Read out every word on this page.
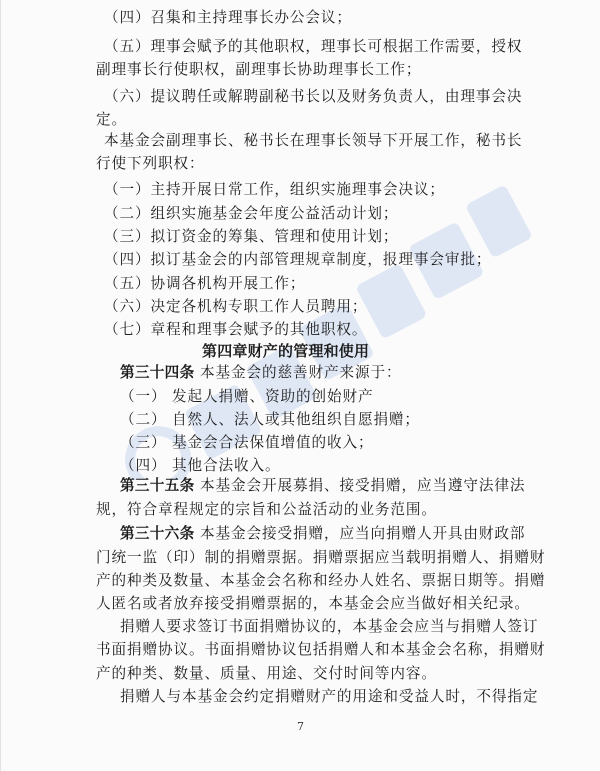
（四）召集和主持理事长办公会议；
（五）理事会赋予的其他职权，理事长可根据工作需要，授权
副理事长行使职权，副理事长协助理事长工作；
（六）提议聘任或解聘副秘书长以及财务负责人，由理事会决
定。
本基金会副理事长、秘书长在理事长领导下开展工作，秘书长
行使下列职权：
（一）主持开展日常工作，组织实施理事会决议；
（二）组织实施基金会年度公益活动计划；
（三）拟订资金的筹集、管理和使用计划；
（四）拟订基金会的内部管理规章制度，报理事会审批；
（五）协调各机构开展工作；
（六）决定各机构专职工作人员聘用；
（七）章程和理事会赋予的其他职权。
第四章财产的管理和使用
第三十四条 本基金会的慈善财产来源于：
（一） 发起人捐赠、资助的创始财产
（二） 自然人、法人或其他组织自愿捐赠；
（三） 基金会合法保值增值的收入；
（四） 其他合法收入。
第三十五条 本基金会开展募捐、接受捐赠，应当遵守法律法
规，符合章程规定的宗旨和公益活动的业务范围。
第三十六条 本基金会接受捐赠，应当向捐赠人开具由财政部
门统一监（印）制的捐赠票据。捐赠票据应当载明捐赠人、捐赠财
产的种类及数量、本基金会名称和经办人姓名、票据日期等。捐赠
人匿名或者放弃接受捐赠票据的，本基金会应当做好相关纪录。
捐赠人要求签订书面捐赠协议的，本基金会应当与捐赠人签订
书面捐赠协议。书面捐赠协议包括捐赠人和本基金会名称，捐赠财
产的种类、数量、质量、用途、交付时间等内容。
捐赠人与本基金会约定捐赠财产的用途和受益人时，不得指定
7
